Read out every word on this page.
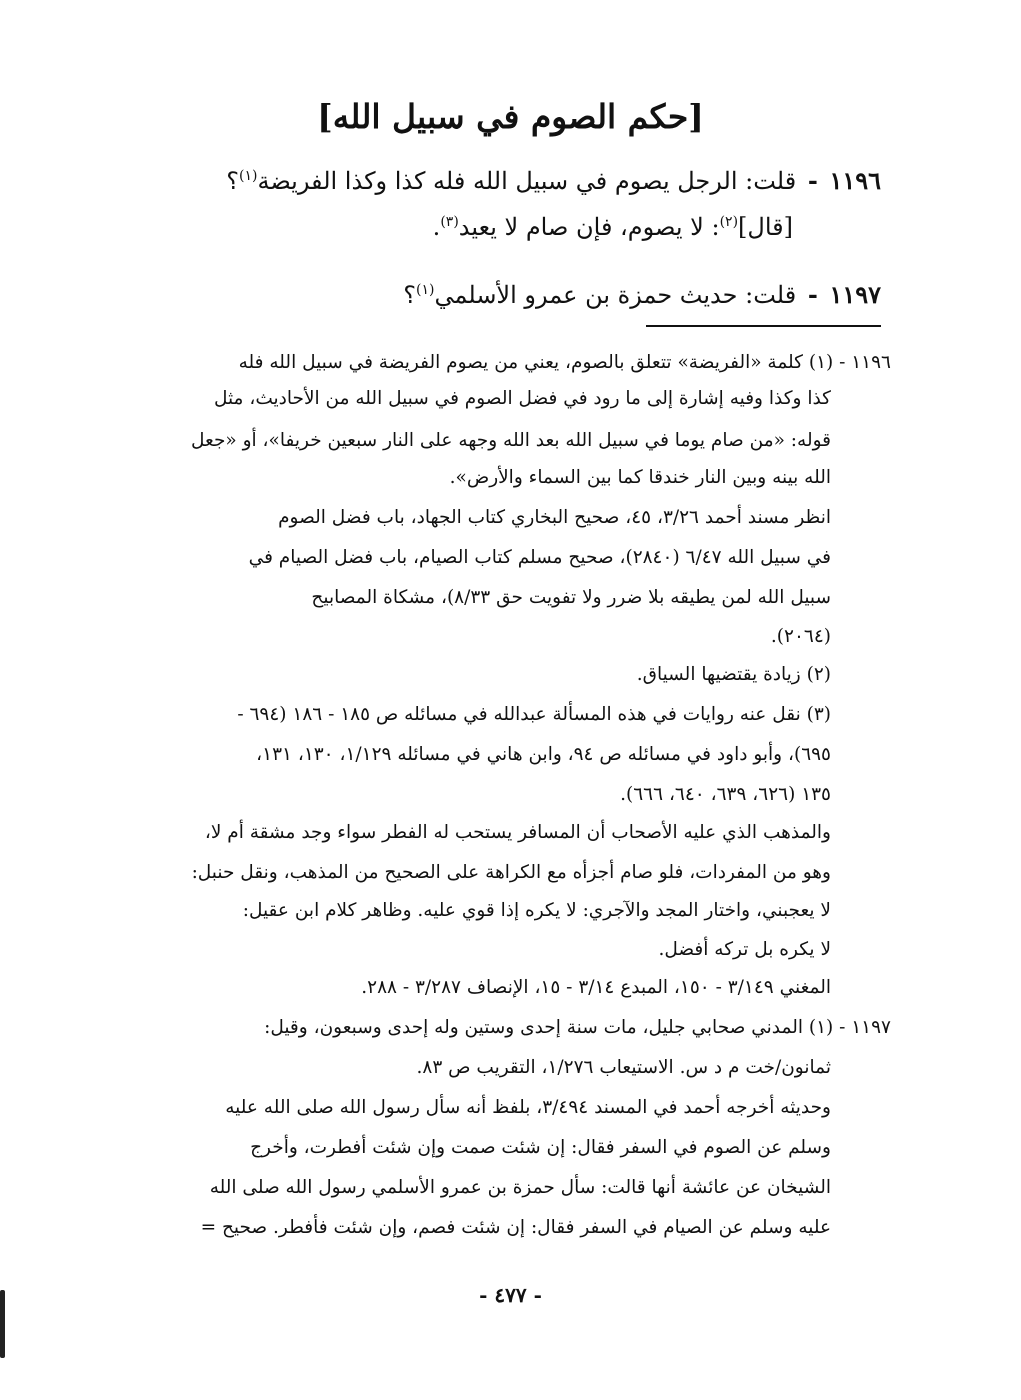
[حكم الصوم في سبيل الله]
١١٩٦ - قلت: الرجل يصوم في سبيل الله فله كذا وكذا الفريضة$^{(١)}$؟
[قال]$^{(٢)}$: لا يصوم، فإن صام لا يعيد$^{(٣)}$.
١١٩٧ - قلت: حديث حمزة بن عمرو الأسلمي$^{(١)}$؟
١١٩٦ - (١) كلمة «الفريضة» تتعلق بالصوم، يعني من يصوم الفريضة في سبيل الله فله
كذا وكذا وفيه إشارة إلى ما رود في فضل الصوم في سبيل الله من الأحاديث، مثل
قوله: «من صام يوما في سبيل الله بعد الله وجهه على النار سبعين خريفا»، أو «جعل
الله بينه وبين النار خندقا كما بين السماء والأرض».
انظر مسند أحمد ٣/٢٦، ٤٥، صحيح البخاري كتاب الجهاد، باب فضل الصوم
في سبيل الله ٦/٤٧ (٢٨٤٠)، صحيح مسلم كتاب الصيام، باب فضل الصيام في
سبيل الله لمن يطيقه بلا ضرر ولا تفويت حق ٨/٣٣)، مشكاة المصابيح
(٢٠٦٤).
(٢) زيادة يقتضيها السياق.
(٣) نقل عنه روايات في هذه المسألة عبدالله في مسائله ص ١٨٥ - ١٨٦ (٦٩٤ -
٦٩٥)، وأبو داود في مسائله ص ٩٤، وابن هاني في مسائله ١/١٢٩، ١٣٠، ١٣١،
١٣٥ (٦٢٦، ٦٣٩، ٦٤٠، ٦٦٦).
والمذهب الذي عليه الأصحاب أن المسافر يستحب له الفطر سواء وجد مشقة أم لا،
وهو من المفردات، فلو صام أجزأه مع الكراهة على الصحيح من المذهب، ونقل حنبل:
لا يعجبني، واختار المجد والآجري: لا يكره إذا قوي عليه. وظاهر كلام ابن عقيل:
لا يكره بل تركه أفضل.
المغني ٣/١٤٩ - ١٥٠، المبدع ٣/١٤ - ١٥، الإنصاف ٣/٢٨٧ - ٢٨٨.
١١٩٧ - (١) المدني صحابي جليل، مات سنة إحدى وستين وله إحدى وسبعون، وقيل:
ثمانون/خت م د س. الاستيعاب ١/٢٧٦، التقريب ص ٨٣.
وحديثه أخرجه أحمد في المسند ٣/٤٩٤، بلفظ أنه سأل رسول الله صلى الله عليه
وسلم عن الصوم في السفر فقال: إن شئت صمت وإن شئت أفطرت، وأخرج
الشيخان عن عائشة أنها قالت: سأل حمزة بن عمرو الأسلمي رسول الله صلى الله
عليه وسلم عن الصيام في السفر فقال: إن شئت فصم، وإن شئت فأفطر. صحيح =
- ٤٧٧ -
